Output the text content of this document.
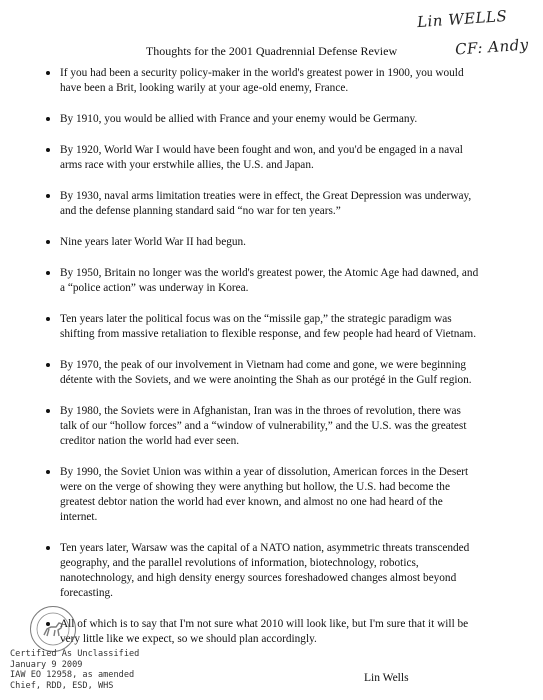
Lin WELLS
CF: Andy
Thoughts for the 2001 Quadrennial Defense Review

If you had been a security policy-maker in the world's greatest power in 1900, you would have been a Brit, looking warily at your age-old enemy, France.

By 1910, you would be allied with France and your enemy would be Germany.

By 1920, World War I would have been fought and won, and you'd be engaged in a naval arms race with your erstwhile allies, the U.S. and Japan.

By 1930, naval arms limitation treaties were in effect, the Great Depression was underway, and the defense planning standard said “no war for ten years.”

Nine years later World War II had begun.

By 1950, Britain no longer was the world's greatest power, the Atomic Age had dawned, and a “police action” was underway in Korea.

Ten years later the political focus was on the “missile gap,” the strategic paradigm was shifting from massive retaliation to flexible response, and few people had heard of Vietnam.

By 1970, the peak of our involvement in Vietnam had come and gone, we were beginning détente with the Soviets, and we were anointing the Shah as our protégé in the Gulf region.

By 1980, the Soviets were in Afghanistan, Iran was in the throes of revolution, there was talk of our “hollow forces” and a “window of vulnerability,” and the U.S. was the greatest creditor nation the world had ever seen.

By 1990, the Soviet Union was within a year of dissolution, American forces in the Desert were on the verge of showing they were anything but hollow, the U.S. had become the greatest debtor nation the world had ever known, and almost no one had heard of the internet.

Ten years later, Warsaw was the capital of a NATO nation, asymmetric threats transcended geography, and the parallel revolutions of information, biotechnology, robotics, nanotechnology, and high density energy sources foreshadowed changes almost beyond forecasting.

All of which is to say that I'm not sure what 2010 will look like, but I'm sure that it will be very little like we expect, so we should plan accordingly.

Certified As Unclassified
January 9 2009
IAW EO 12958, as amended
Chief, RDD, ESD, WHS
Lin Wells
